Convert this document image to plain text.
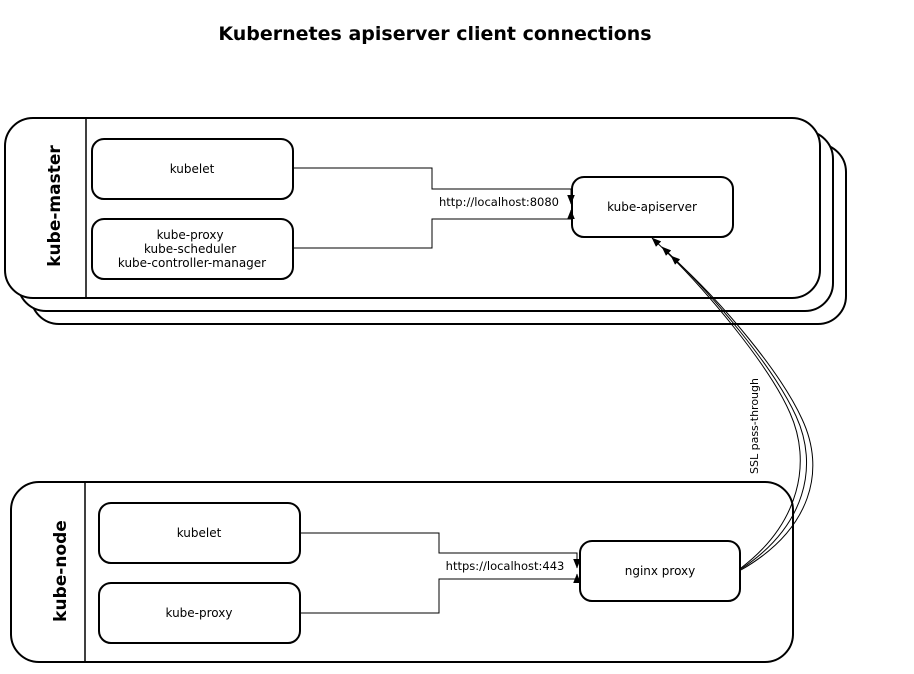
Kubernetes apiserver client connections
kube-master	kubelet
kube-proxy kube-scheduler kube-controller-manager
kube-apiserver
http://localhost:8080
kube-node	kubelet
kube-proxy
nginx proxy
https://localhost:443
SSL pass-through
